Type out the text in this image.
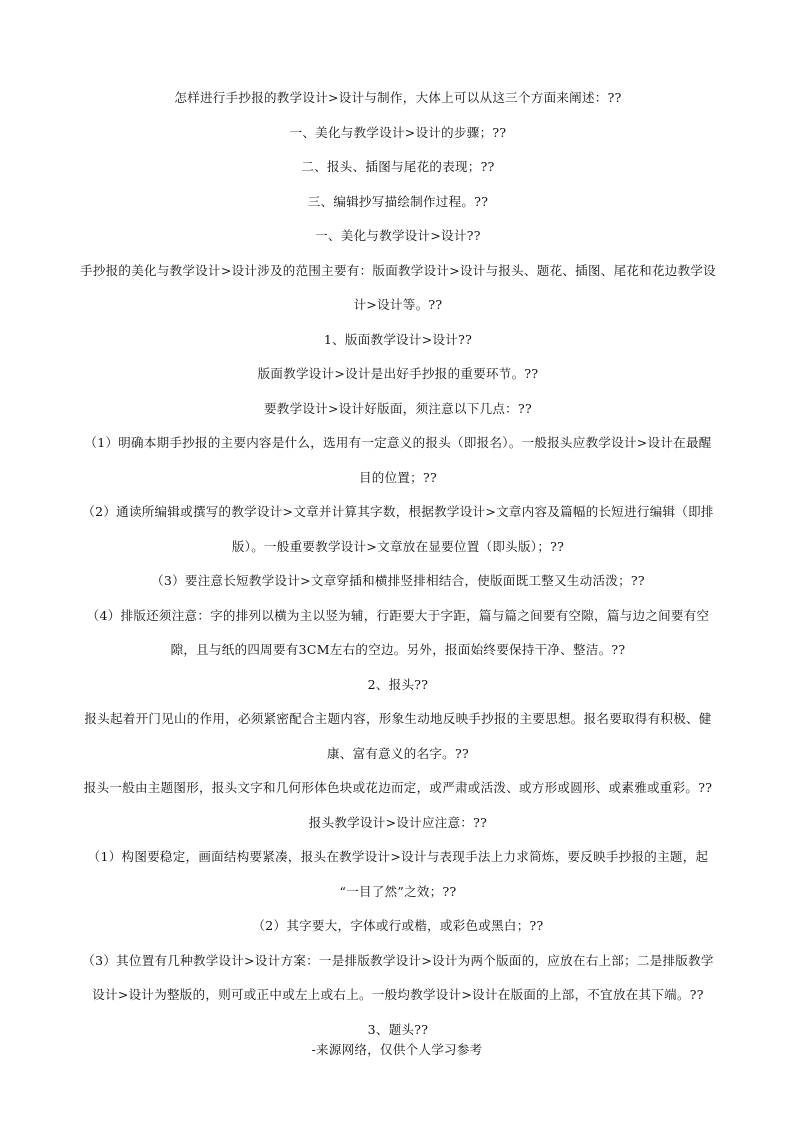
怎样进行手抄报的教学设计>设计与制作，大体上可以从这三个方面来阐述：??
一、美化与教学设计>设计的步骤；??
二、报头、插图与尾花的表现；??
三、编辑抄写描绘制作过程。??
一、美化与教学设计>设计??
手抄报的美化与教学设计>设计涉及的范围主要有：版面教学设计>设计与报头、题花、插图、尾花和花边教学设
计>设计等。??
1、版面教学设计>设计??
版面教学设计>设计是出好手抄报的重要环节。??
要教学设计>设计好版面，须注意以下几点：??
（1）明确本期手抄报的主要内容是什么，选用有一定意义的报头（即报名）。一般报头应教学设计>设计在最醒
目的位置；??
（2）通读所编辑或撰写的教学设计>文章并计算其字数，根据教学设计>文章内容及篇幅的长短进行编辑（即排
版）。一般重要教学设计>文章放在显要位置（即头版）；??
（3）要注意长短教学设计>文章穿插和横排竖排相结合，使版面既工整又生动活泼；??
（4）排版还须注意：字的排列以横为主以竖为辅，行距要大于字距，篇与篇之间要有空隙，篇与边之间要有空
隙，且与纸的四周要有3CM左右的空边。另外，报面始终要保持干净、整洁。??
2、报头??
报头起着开门见山的作用，必须紧密配合主题内容，形象生动地反映手抄报的主要思想。报名要取得有积极、健
康、富有意义的名字。??
报头一般由主题图形，报头文字和几何形体色块或花边而定，或严肃或活泼、或方形或圆形、或素雅或重彩。??
报头教学设计>设计应注意：??
（1）构图要稳定，画面结构要紧凑，报头在教学设计>设计与表现手法上力求简炼，要反映手抄报的主题，起
“一目了然”之效；??
（2）其字要大，字体或行或楷，或彩色或黑白；??
（3）其位置有几种教学设计>设计方案：一是排版教学设计>设计为两个版面的，应放在右上部；二是排版教学
设计>设计为整版的，则可或正中或左上或右上。一般均教学设计>设计在版面的上部，不宜放在其下端。??
3、题头??
-来源网络，仅供个人学习参考
